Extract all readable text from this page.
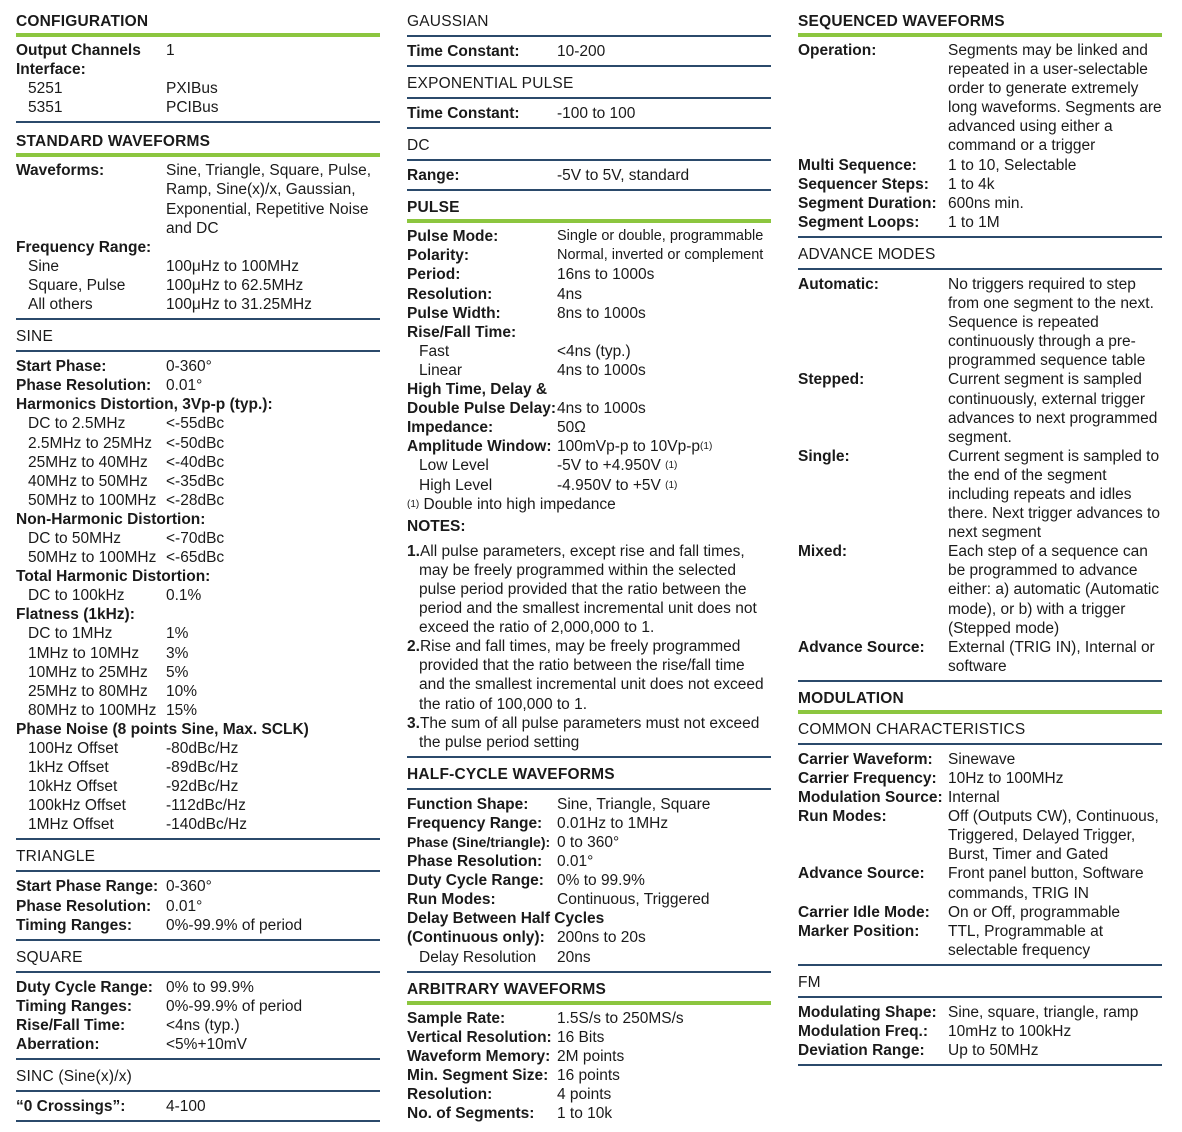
CONFIGURATION
Output Channels	1
Interface:
5251	PXIBus
5351	PCIBus
STANDARD WAVEFORMS
Waveforms:	Sine, Triangle, Square, Pulse, Ramp, Sine(x)/x, Gaussian, Exponential, Repetitive Noise and DC
Frequency Range:
Sine	100μHz to 100MHz
Square, Pulse	100μHz to 62.5MHz
All others	100μHz to 31.25MHz
SINE
Start Phase:	0-360°
Phase Resolution: 0.01°
Harmonics Distortion, 3Vp-p (typ.):
DC to 2.5MHz	<-55dBc
2.5MHz to 25MHz <-50dBc
25MHz to 40MHz	<-40dBc
40MHz to 50MHz	<-35dBc
50MHz to 100MHz <-28dBc
Non-Harmonic Distortion:
DC to 50MHz	<-70dBc
50MHz to 100MHz <-65dBc
Total Harmonic Distortion:
DC to 100kHz	0.1%
Flatness (1kHz):
DC to 1MHz	1%
1MHz to 10MHz	3%
10MHz to 25MHz	5%
25MHz to 80MHz	10%
80MHz to 100MHz 15%
Phase Noise (8 points Sine, Max. SCLK)
100Hz Offset	-80dBc/Hz
1kHz Offset	-89dBc/Hz
10kHz Offset	-92dBc/Hz
100kHz Offset	-112dBc/Hz
1MHz Offset	-140dBc/Hz
TRIANGLE
Start Phase Range: 0-360°
Phase Resolution: 0.01°
Timing Ranges:	0%-99.9% of period
SQUARE
Duty Cycle Range: 0% to 99.9%
Timing Ranges:	0%-99.9% of period
Rise/Fall Time:	<4ns (typ.)
Aberration:	<5%+10mV
SINC (Sine(x)/x)
“0 Crossings”:	4-100
GAUSSIAN
Time Constant:	10-200
EXPONENTIAL PULSE
Time Constant:	-100 to 100
DC
Range:	-5V to 5V, standard
PULSE
Pulse Mode:	Single or double, programmable
Polarity:	Normal, inverted or complement
Period:	16ns to 1000s
Resolution:	4ns
Pulse Width:	8ns to 1000s
Rise/Fall Time:
Fast	<4ns (typ.)
Linear	4ns to 1000s
High Time, Delay &
Double Pulse Delay: 4ns to 1000s
Impedance:	50Ω
Amplitude Window: 100mVp-p to $10Vp-p^{(1)}$
Low Level	-5V to +4.950V $^{(1)}$
High Level	-4.950V to +5V $^{(1)}$
$^{(1)}$ Double into high impedance
NOTES:
1.All pulse parameters, except rise and fall times, may be freely programmed within the selected pulse period provided that the ratio between the period and the smallest incremental unit does not exceed the ratio of 2,000,000 to 1.
2.Rise and fall times, may be freely programmed provided that the ratio between the rise/fall time and the smallest incremental unit does not exceed the ratio of 100,000 to 1.
3.The sum of all pulse parameters must not exceed the pulse period setting
HALF-CYCLE WAVEFORMS
Function Shape:	Sine, Triangle, Square
Frequency Range: 0.01Hz to 1MHz
Phase (Sine/triangle): 0 to 360°
Phase Resolution: 0.01°
Duty Cycle Range: 0% to 99.9%
Run Modes:	Continuous, Triggered
Delay Between Half Cycles
(Continuous only): 200ns to 20s
Delay Resolution	20ns
ARBITRARY WAVEFORMS
Sample Rate:	1.5S/s to 250MS/s
Vertical Resolution: 16 Bits
Waveform Memory: 2M points
Min. Segment Size: 16 points
Resolution:	4 points
No. of Segments:	1 to 10k
SEQUENCED WAVEFORMS
Operation:	Segments may be linked and repeated in a user-selectable order to generate extremely long waveforms. Segments are advanced using either a command or a trigger
Multi Sequence:	1 to 10, Selectable
Sequencer Steps:	1 to 4k
Segment Duration: 600ns min.
Segment Loops:	1 to 1M
ADVANCE MODES
Automatic:	No triggers required to step from one segment to the next. Sequence is repeated continuously through a pre-programmed sequence table
Stepped:	Current segment is sampled continuously, external trigger advances to next programmed segment.
Single:	Current segment is sampled to the end of the segment including repeats and idles there. Next trigger advances to next segment
Mixed:	Each step of a sequence can be programmed to advance either: a) automatic (Automatic mode), or b) with a trigger (Stepped mode)
Advance Source:	External (TRIG IN), Internal or software
MODULATION
COMMON CHARACTERISTICS
Carrier Waveform: Sinewave
Carrier Frequency: 10Hz to 100MHz
Modulation Source: Internal
Run Modes:	Off (Outputs CW), Continuous, Triggered, Delayed Trigger, Burst, Timer and Gated
Advance Source:	Front panel button, Software commands, TRIG IN
Carrier Idle Mode:	On or Off, programmable
Marker Position:	TTL, Programmable at selectable frequency
FM
Modulating Shape: Sine, square, triangle, ramp
Modulation Freq.:	10mHz to 100kHz
Deviation Range:	Up to 50MHz
